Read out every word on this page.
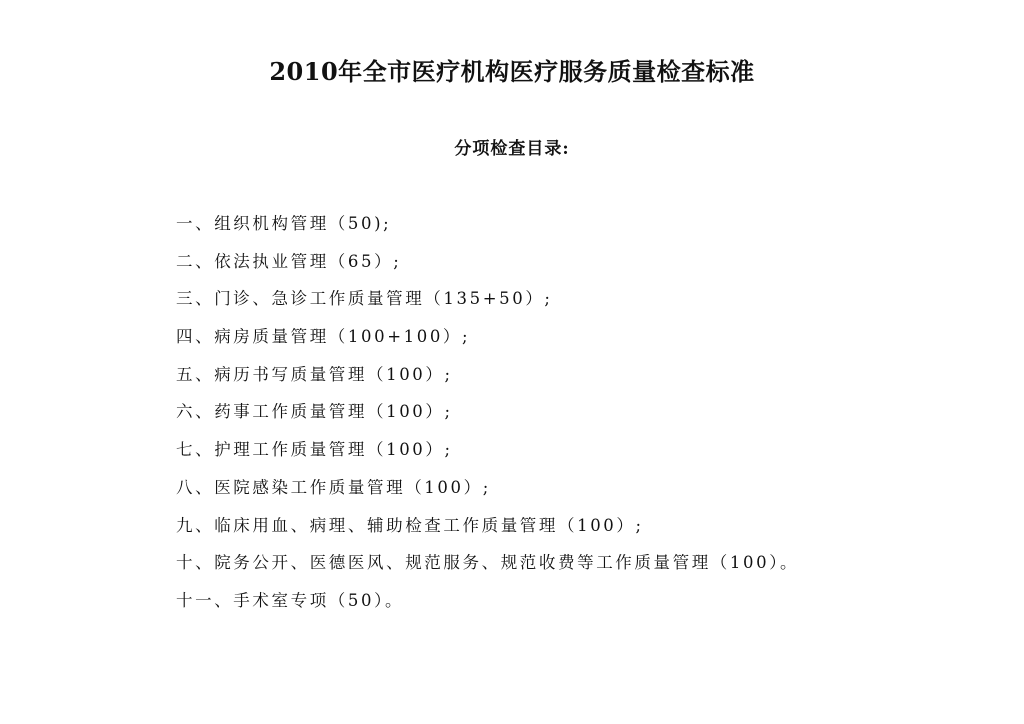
2010年全市医疗机构医疗服务质量检查标准
分项检查目录:
一、组织机构管理（50);
二、依法执业管理（65）;
三、门诊、急诊工作质量管理（135+50）;
四、病房质量管理（100+100）;
五、病历书写质量管理（100）;
六、药事工作质量管理（100）;
七、护理工作质量管理（100）;
八、医院感染工作质量管理（100）;
九、临床用血、病理、辅助检查工作质量管理（100）;
十、院务公开、医德医风、规范服务、规范收费等工作质量管理（100）。
十一、手术室专项（50）。
